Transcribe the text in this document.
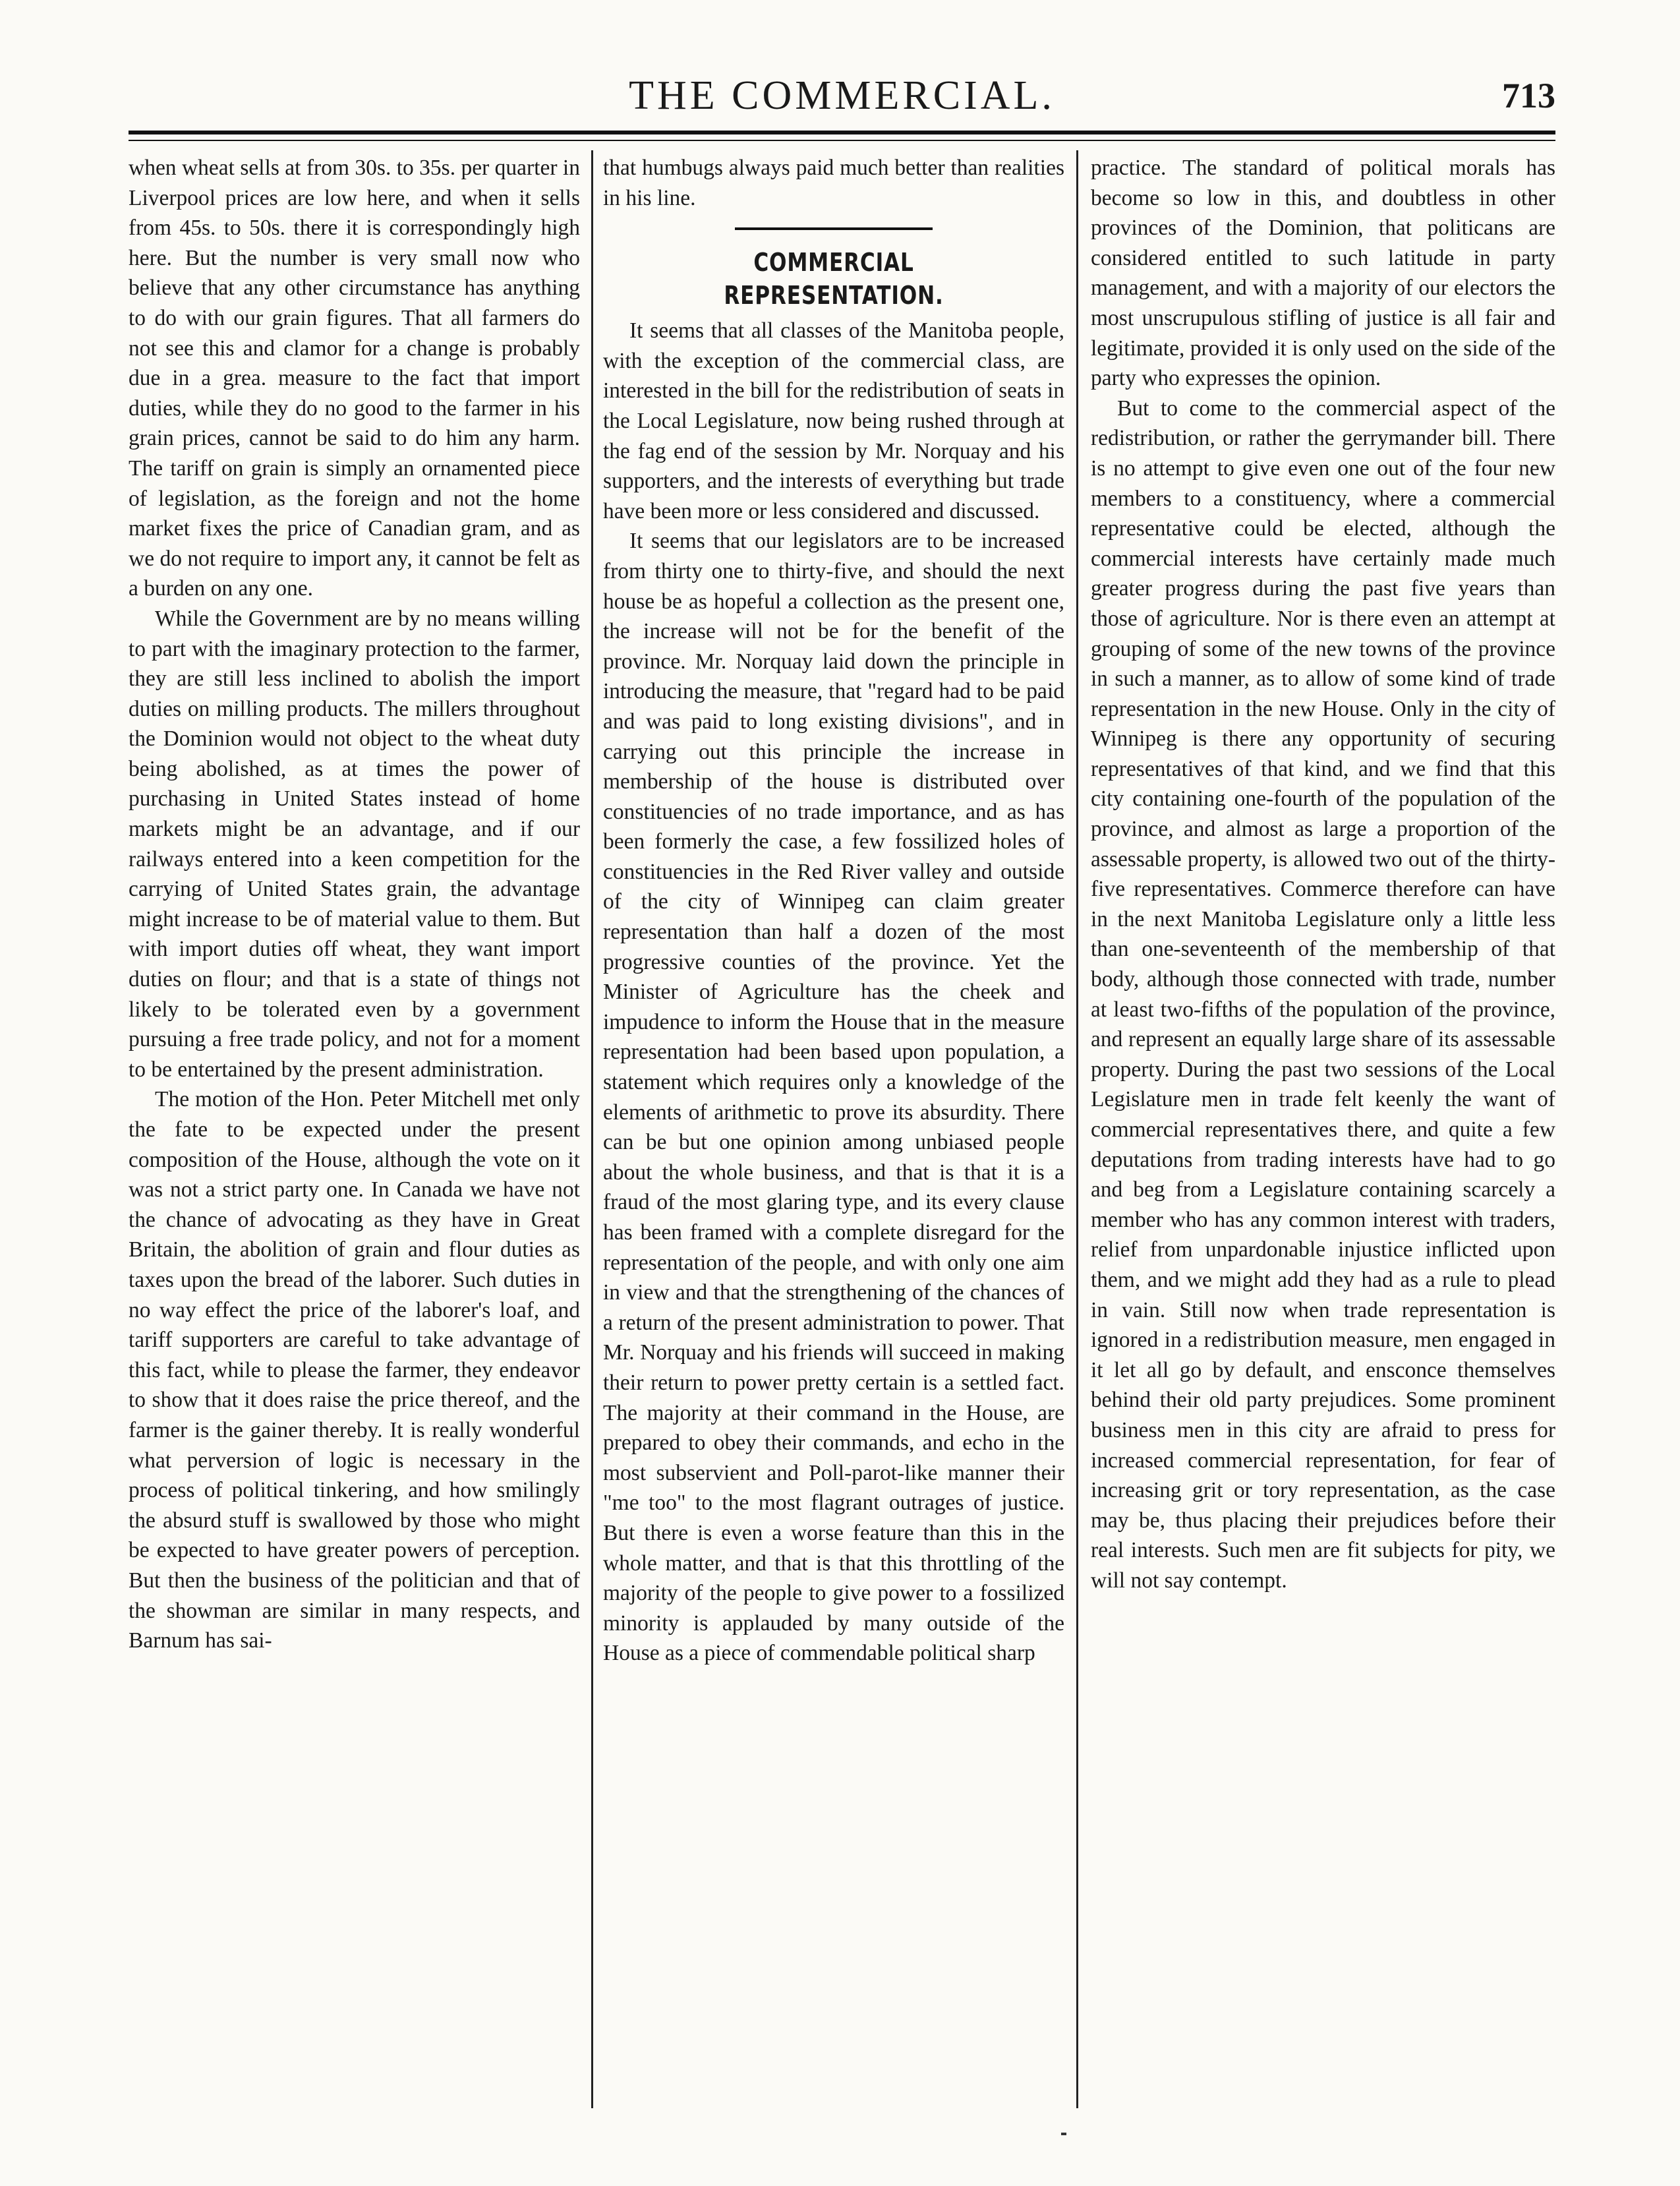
THE COMMERCIAL.	713

when wheat sells at from 30s. to 35s. per quarter in Liverpool prices are low here, and when it sells from 45s. to 50s. there it is correspondingly high here. But the number is very small now who believe that any other circumstance has anything to do with our grain figures. That all farmers do not see this and clamor for a change is probably due in a grea. measure to the fact that import duties, while they do no good to the farmer in his grain prices, cannot be said to do him any harm. The tariff on grain is simply an ornamented piece of legislation, as the foreign and not the home market fixes the price of Canadian gram, and as we do not require to import any, it cannot be felt as a burden on any one.

While the Government are by no means willing to part with the imaginary protection to the farmer, they are still less inclined to abolish the import duties on milling products. The millers throughout the Dominion would not object to the wheat duty being abolished, as at times the power of purchasing in United States instead of home markets might be an advantage, and if our railways entered into a keen competition for the carrying of United States grain, the advantage might increase to be of material value to them. But with import duties off wheat, they want import duties on flour; and that is a state of things not likely to be tolerated even by a government pursuing a free trade policy, and not for a moment to be entertained by the present administration.

The motion of the Hon. Peter Mitchell met only the fate to be expected under the present composition of the House, although the vote on it was not a strict party one. In Canada we have not the chance of advocating as they have in Great Britain, the abolition of grain and flour duties as taxes upon the bread of the laborer. Such duties in no way effect the price of the laborer's loaf, and tariff supporters are careful to take advantage of this fact, while to please the farmer, they endeavor to show that it does raise the price thereof, and the farmer is the gainer thereby. It is really wonderful what perversion of logic is necessary in the process of political tinkering, and how smilingly the absurd stuff is swallowed by those who might be expected to have greater powers of perception. But then the business of the politician and that of the showman are similar in many respects, and Barnum has sai-

that humbugs always paid much better than realities in his line.

COMMERCIAL REPRESENTATION.

It seems that all classes of the Manitoba people, with the exception of the commercial class, are interested in the bill for the redistribution of seats in the Local Legislature, now being rushed through at the fag end of the session by Mr. Norquay and his supporters, and the interests of everything but trade have been more or less considered and discussed.

It seems that our legislators are to be increased from thirty one to thirty-five, and should the next house be as hopeful a collection as the present one, the increase will not be for the benefit of the province. Mr. Norquay laid down the principle in introducing the measure, that "regard had to be paid and was paid to long existing divisions", and in carrying out this principle the increase in membership of the house is distributed over constituencies of no trade importance, and as has been formerly the case, a few fossilized holes of constituencies in the Red River valley and outside of the city of Winnipeg can claim greater representation than half a dozen of the most progressive counties of the province. Yet the Minister of Agriculture has the cheek and impudence to inform the House that in the measure representation had been based upon population, a statement which requires only a knowledge of the elements of arithmetic to prove its absurdity. There can be but one opinion among unbiased people about the whole business, and that is that it is a fraud of the most glaring type, and its every clause has been framed with a complete disregard for the representation of the people, and with only one aim in view and that the strengthening of the chances of a return of the present administration to power. That Mr. Norquay and his friends will succeed in making their return to power pretty certain is a settled fact. The majority at their command in the House, are prepared to obey their commands, and echo in the most subservient and Poll-parot-like manner their "me too" to the most flagrant outrages of justice. But there is even a worse feature than this in the whole matter, and that is that this throttling of the majority of the people to give power to a fossilized minority is applauded by many outside of the House as a piece of commendable political sharp

practice. The standard of political morals has become so low in this, and doubtless in other provinces of the Dominion, that politicans are considered entitled to such latitude in party management, and with a majority of our electors the most unscrupulous stifling of justice is all fair and legitimate, provided it is only used on the side of the party who expresses the opinion.

But to come to the commercial aspect of the redistribution, or rather the gerrymander bill. There is no attempt to give even one out of the four new members to a constituency, where a commercial representative could be elected, although the commercial interests have certainly made much greater progress during the past five years than those of agriculture. Nor is there even an attempt at grouping of some of the new towns of the province in such a manner, as to allow of some kind of trade representation in the new House. Only in the city of Winnipeg is there any opportunity of securing representatives of that kind, and we find that this city containing one-fourth of the population of the province, and almost as large a proportion of the assessable property, is allowed two out of the thirty-five representatives. Commerce therefore can have in the next Manitoba Legislature only a little less than one-seventeenth of the membership of that body, although those connected with trade, number at least two-fifths of the population of the province, and represent an equally large share of its assessable property. During the past two sessions of the Local Legislature men in trade felt keenly the want of commercial representatives there, and quite a few deputations from trading interests have had to go and beg from a Legislature containing scarcely a member who has any common interest with traders, relief from unpardonable injustice inflicted upon them, and we might add they had as a rule to plead in vain. Still now when trade representation is ignored in a redistribution measure, men engaged in it let all go by default, and ensconce themselves behind their old party prejudices. Some prominent business men in this city are afraid to press for increased commercial representation, for fear of increasing grit or tory representation, as the case may be, thus placing their prejudices before their real interests. Such men are fit subjects for pity, we will not say contempt.
